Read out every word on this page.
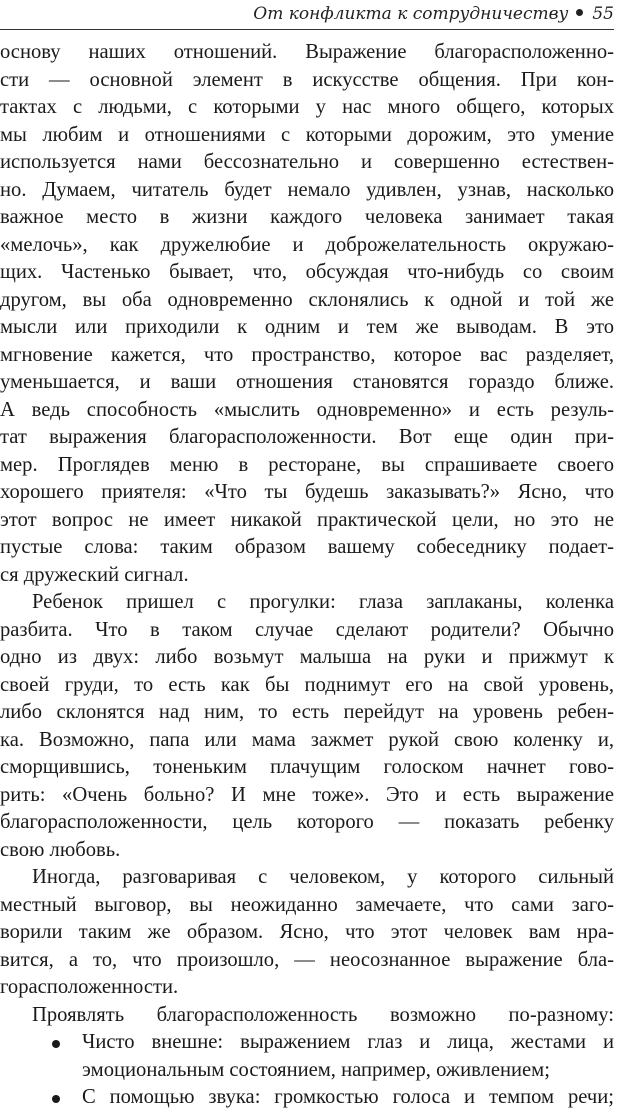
От конфликта к сотрудничеству 55
основу наших отношений. Выражение благорасположенно-
сти — основной элемент в искусстве общения. При кон-
тактах с людьми, с которыми у нас много общего, которых
мы любим и отношениями с которыми дорожим, это умение
используется нами бессознательно и совершенно естествен-
но. Думаем, читатель будет немало удивлен, узнав, насколько
важное место в жизни каждого человека занимает такая
«мелочь», как дружелюбие и доброжелательность окружаю-
щих. Частенько бывает, что, обсуждая что-нибудь со своим
другом, вы оба одновременно склонялись к одной и той же
мысли или приходили к одним и тем же выводам. В это
мгновение кажется, что пространство, которое вас разделяет,
уменьшается, и ваши отношения становятся гораздо ближе.
А ведь способность «мыслить одновременно» и есть резуль-
тат выражения благорасположенности. Вот еще один при-
мер. Проглядев меню в ресторане, вы спрашиваете своего
хорошего приятеля: «Что ты будешь заказывать?» Ясно, что
этот вопрос не имеет никакой практической цели, но это не
пустые слова: таким образом вашему собеседнику подает-
ся дружеский сигнал.
Ребенок пришел с прогулки: глаза заплаканы, коленка
разбита. Что в таком случае сделают родители? Обычно
одно из двух: либо возьмут малыша на руки и прижмут к
своей груди, то есть как бы поднимут его на свой уровень,
либо склонятся над ним, то есть перейдут на уровень ребен-
ка. Возможно, папа или мама зажмет рукой свою коленку и,
сморщившись, тоненьким плачущим голоском начнет гово-
рить: «Очень больно? И мне тоже». Это и есть выражение
благорасположенности, цель которого — показать ребенку
свою любовь.
Иногда, разговаривая с человеком, у которого сильный
местный выговор, вы неожиданно замечаете, что сами заго-
ворили таким же образом. Ясно, что этот человек вам нра-
вится, а то, что произошло, — неосознанное выражение бла-
горасположенности.
Проявлять благорасположенность возможно по-разному:
Чисто внешне: выражением глаз и лица, жестами и
эмоциональным состоянием, например, оживлением;
С помощью звука: громкостью голоса и темпом речи;
